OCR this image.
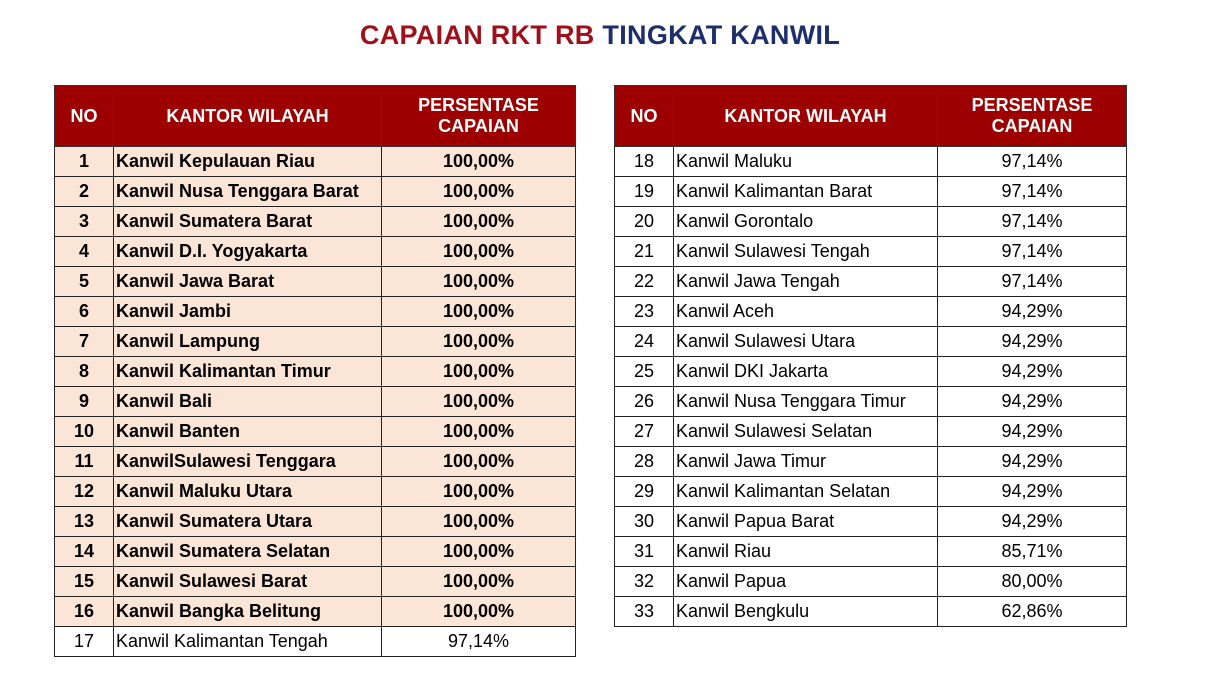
CAPAIAN RKT RB TINGKAT KANWIL
NO	KANTOR WILAYAH	PERSENTASE
CAPAIAN
1	Kanwil Kepulauan Riau	100,00%
2	Kanwil Nusa Tenggara Barat	100,00%
3	Kanwil Sumatera Barat	100,00%
4	Kanwil D.I. Yogyakarta	100,00%
5	Kanwil Jawa Barat	100,00%
6	Kanwil Jambi	100,00%
7	Kanwil Lampung	100,00%
8	Kanwil Kalimantan Timur	100,00%
9	Kanwil Bali	100,00%
10	Kanwil Banten	100,00%
11	KanwilSulawesi Tenggara	100,00%
12	Kanwil Maluku Utara	100,00%
13	Kanwil Sumatera Utara	100,00%
14	Kanwil Sumatera Selatan	100,00%
15	Kanwil Sulawesi Barat	100,00%
16	Kanwil Bangka Belitung	100,00%
17	Kanwil Kalimantan Tengah	97,14%
NO	KANTOR WILAYAH	PERSENTASE
CAPAIAN
18	Kanwil Maluku	97,14%
19	Kanwil Kalimantan Barat	97,14%
20	Kanwil Gorontalo	97,14%
21	Kanwil Sulawesi Tengah	97,14%
22	Kanwil Jawa Tengah	97,14%
23	Kanwil Aceh	94,29%
24	Kanwil Sulawesi Utara	94,29%
25	Kanwil DKI Jakarta	94,29%
26	Kanwil Nusa Tenggara Timur	94,29%
27	Kanwil Sulawesi Selatan	94,29%
28	Kanwil Jawa Timur	94,29%
29	Kanwil Kalimantan Selatan	94,29%
30	Kanwil Papua Barat	94,29%
31	Kanwil Riau	85,71%
32	Kanwil Papua	80,00%
33	Kanwil Bengkulu	62,86%
